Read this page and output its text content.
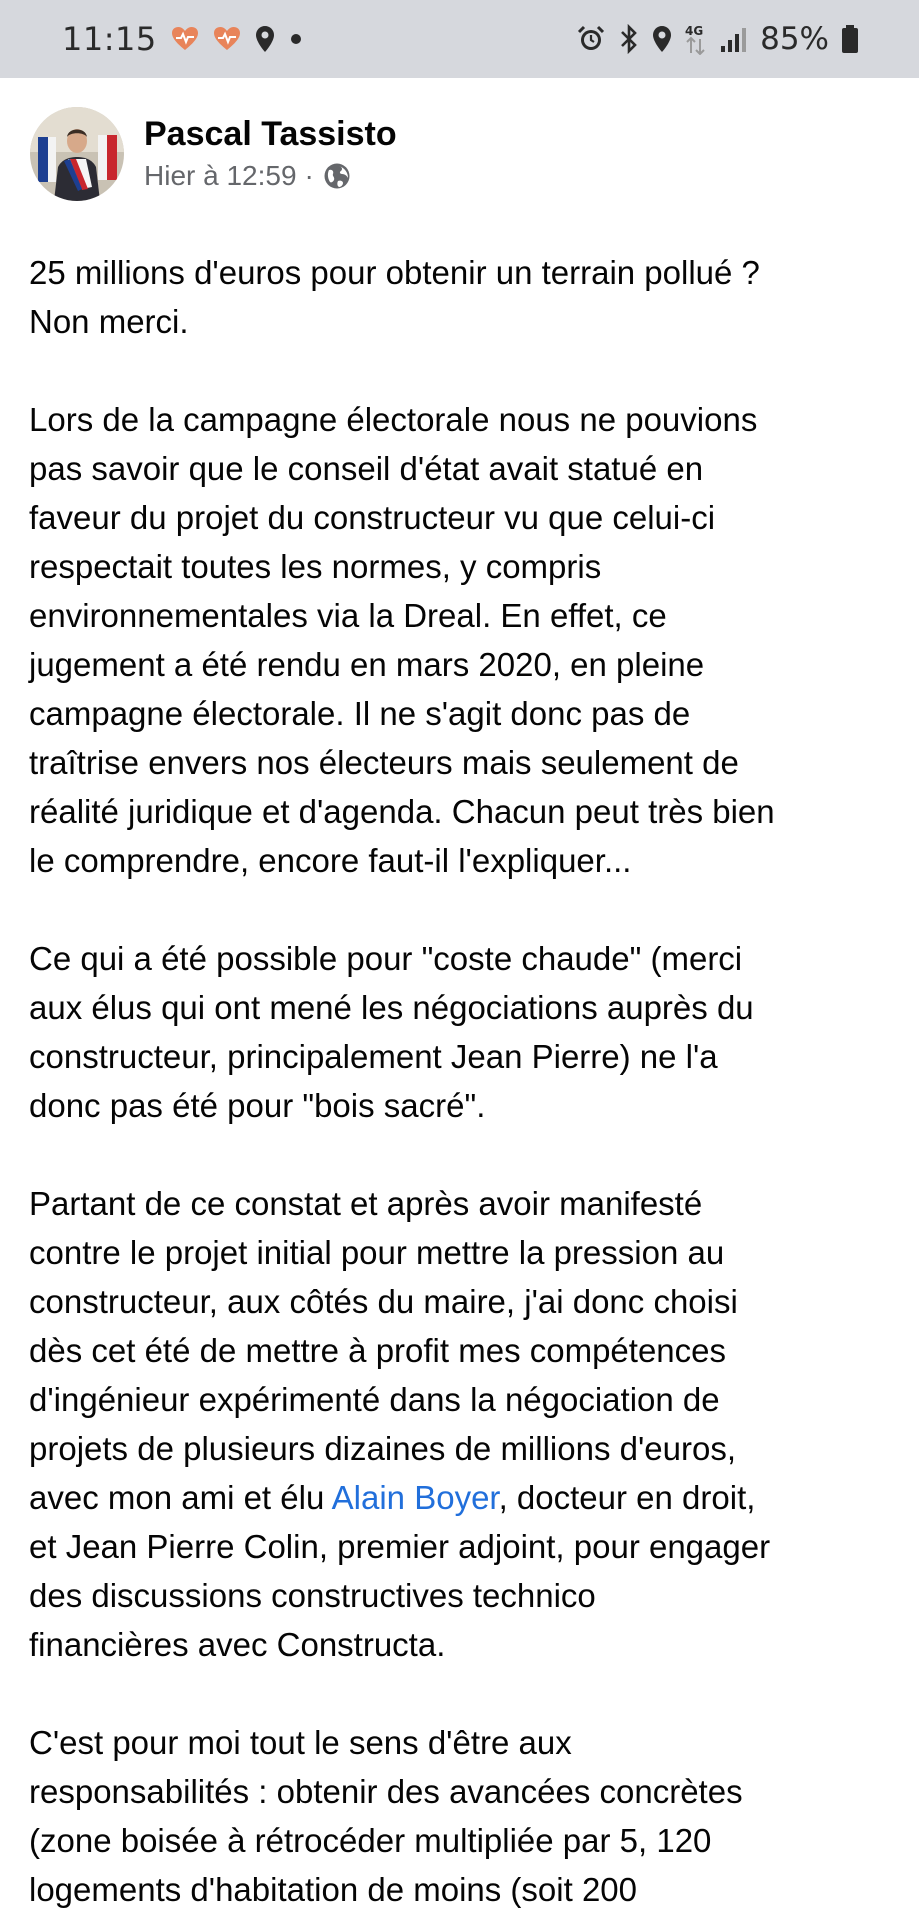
11:15	4G 85%
Pascal Tassisto
Hier à 12:59 ·

25 millions d'euros pour obtenir un terrain pollué ?
Non merci.

Lors de la campagne électorale nous ne pouvions
pas savoir que le conseil d'état avait statué en
faveur du projet du constructeur vu que celui-ci
respectait toutes les normes, y compris
environnementales via la Dreal. En effet, ce
jugement a été rendu en mars 2020, en pleine
campagne électorale. Il ne s'agit donc pas de
traîtrise envers nos électeurs mais seulement de
réalité juridique et d'agenda. Chacun peut très bien
le comprendre, encore faut-il l'expliquer...

Ce qui a été possible pour "coste chaude" (merci
aux élus qui ont mené les négociations auprès du
constructeur, principalement Jean Pierre) ne l'a
donc pas été pour "bois sacré".

Partant de ce constat et après avoir manifesté
contre le projet initial pour mettre la pression au
constructeur, aux côtés du maire, j'ai donc choisi
dès cet été de mettre à profit mes compétences
d'ingénieur expérimenté dans la négociation de
projets de plusieurs dizaines de millions d'euros,
avec mon ami et élu Alain Boyer, docteur en droit,
et Jean Pierre Colin, premier adjoint, pour engager
des discussions constructives technico
financières avec Constructa.

C'est pour moi tout le sens d'être aux
responsabilités : obtenir des avancées concrètes
(zone boisée à rétrocéder multipliée par 5, 120
logements d'habitation de moins (soit 200
